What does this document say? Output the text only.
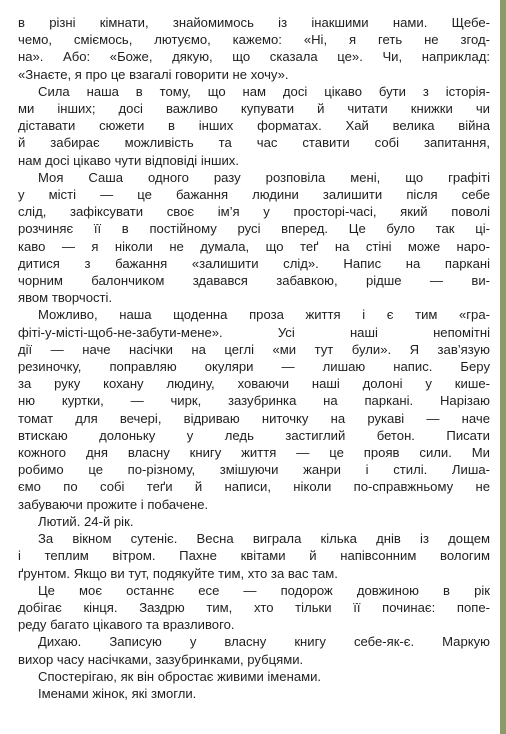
в різні кімнати, знайомимось із інакшими нами. Щебе-
чемо, сміємось, лютуємо, кажемо: «Ні, я геть не згод-
на». Або: «Боже, дякую, що сказала це». Чи, наприклад:
«Знаєте, я про це взагалі говорити не хочу».
Сила наша в тому, що нам досі цікаво бути з історія-
ми інших; досі важливо купувати й читати книжки чи
діставати сюжети в інших форматах. Хай велика війна
й забирає можливість та час ставити собі запитання,
нам досі цікаво чути відповіді інших.
Моя Саша одного разу розповіла мені, що графіті
у місті — це бажання людини залишити після себе
слід, зафіксувати своє ім’я у просторі-часі, який поволі
розчиняє її в постійному русі вперед. Це було так ці-
каво — я ніколи не думала, що теґ на стіні може наро-
дитися з бажання «залишити слід». Напис на паркані
чорним балончиком здавався забавкою, рідше — ви-
явом творчості.
Можливо, наша щоденна проза життя і є тим «гра-
фіті-у-місті-щоб-не-забути-мене». Усі наші непомітні
дії — наче насічки на цеглі «ми тут були». Я зав’язую
резиночку, поправляю окуляри — лишаю напис. Беру
за руку кохану людину, ховаючи наші долоні у кише-
ню куртки, — чирк, зазубринка на паркані. Нарізаю
томат для вечері, відриваю ниточку на рукаві — наче
втискаю долоньку у ледь застиглий бетон. Писати
кожного дня власну книгу життя — це прояв сили. Ми
робимо це по-різному, змішуючи жанри і стилі. Лиша-
ємо по собі теґи й написи, ніколи по-справжньому не
забуваючи прожите і побачене.
Лютий. 24-й рік.
За вікном сутеніє. Весна виграла кілька днів із дощем
і теплим вітром. Пахне квітами й напівсонним вологим
ґрунтом. Якщо ви тут, подякуйте тим, хто за вас там.
Це моє останнє есе — подорож довжиною в рік
добігає кінця. Заздрю тим, хто тільки її починає: попе-
реду багато цікавого та вразливого.
Дихаю. Записую у власну книгу себе-як-є. Маркую
вихор часу насічками, зазубринками, рубцями.
Спостерігаю, як він обростає живими іменами.
Іменами жінок, які змогли.
